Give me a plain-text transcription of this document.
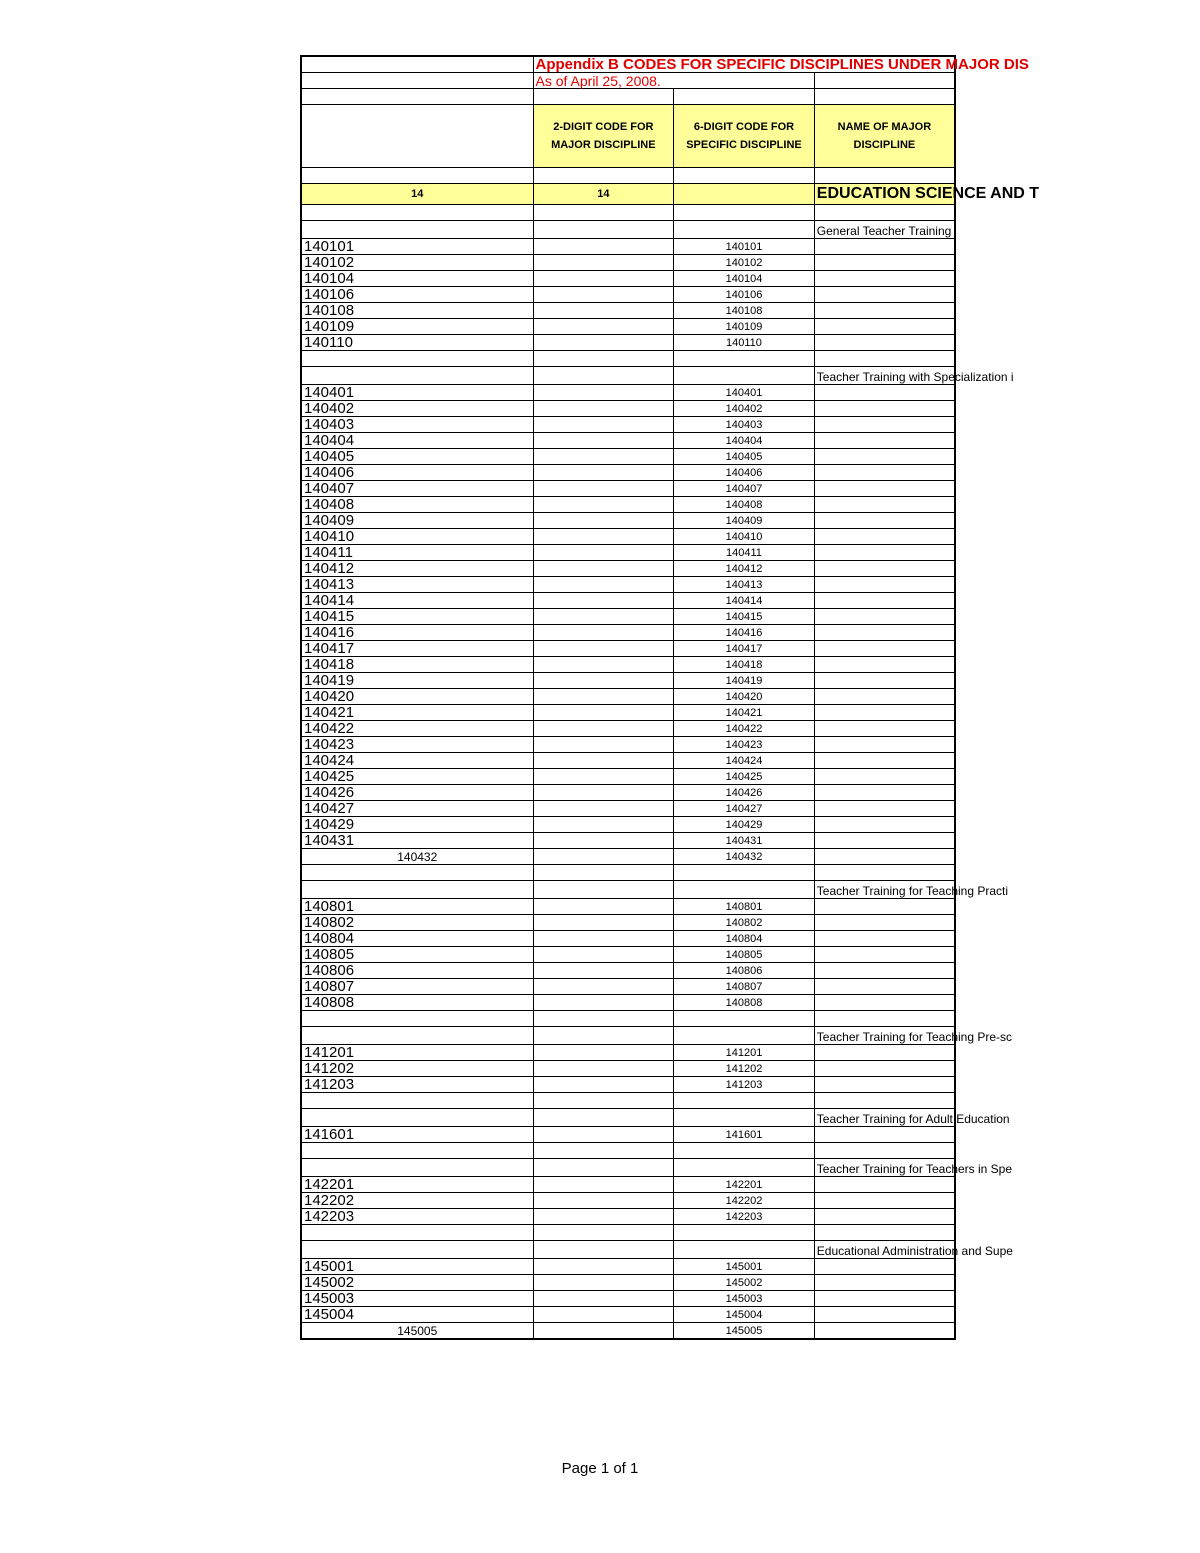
	Appendix B CODES FOR SPECIFIC DISCIPLINES UNDER MAJOR DIS		
	As of April 25, 2008.		

	2-DIGIT CODE FOR MAJOR DISCIPLINE	6-DIGIT CODE FOR SPECIFIC DISCIPLINE	NAME OF MAJOR DISCIPLINE

14	14		EDUCATION SCIENCE AND T

			General Teacher Training
140101		140101	
140102		140102	
140104		140104	
140106		140106	
140108		140108	
140109		140109	
140110		140110	

			Teacher Training with Specialization i
140401		140401	
140402		140402	
140403		140403	
140404		140404	
140405		140405	
140406		140406	
140407		140407	
140408		140408	
140409		140409	
140410		140410	
140411		140411	
140412		140412	
140413		140413	
140414		140414	
140415		140415	
140416		140416	
140417		140417	
140418		140418	
140419		140419	
140420		140420	
140421		140421	
140422		140422	
140423		140423	
140424		140424	
140425		140425	
140426		140426	
140427		140427	
140429		140429	
140431		140431	
140432		140432	

			Teacher Training for Teaching Practi
140801		140801	
140802		140802	
140804		140804	
140805		140805	
140806		140806	
140807		140807	
140808		140808	

			Teacher Training for Teaching Pre-sc
141201		141201	
141202		141202	
141203		141203	

			Teacher Training for Adult Education
141601		141601	

			Teacher Training for Teachers in Spe
142201		142201	
142202		142202	
142203		142203	

			Educational Administration and Supe
145001		145001	
145002		145002	
145003		145003	
145004		145004	
145005		145005	
Page 1 of 1
